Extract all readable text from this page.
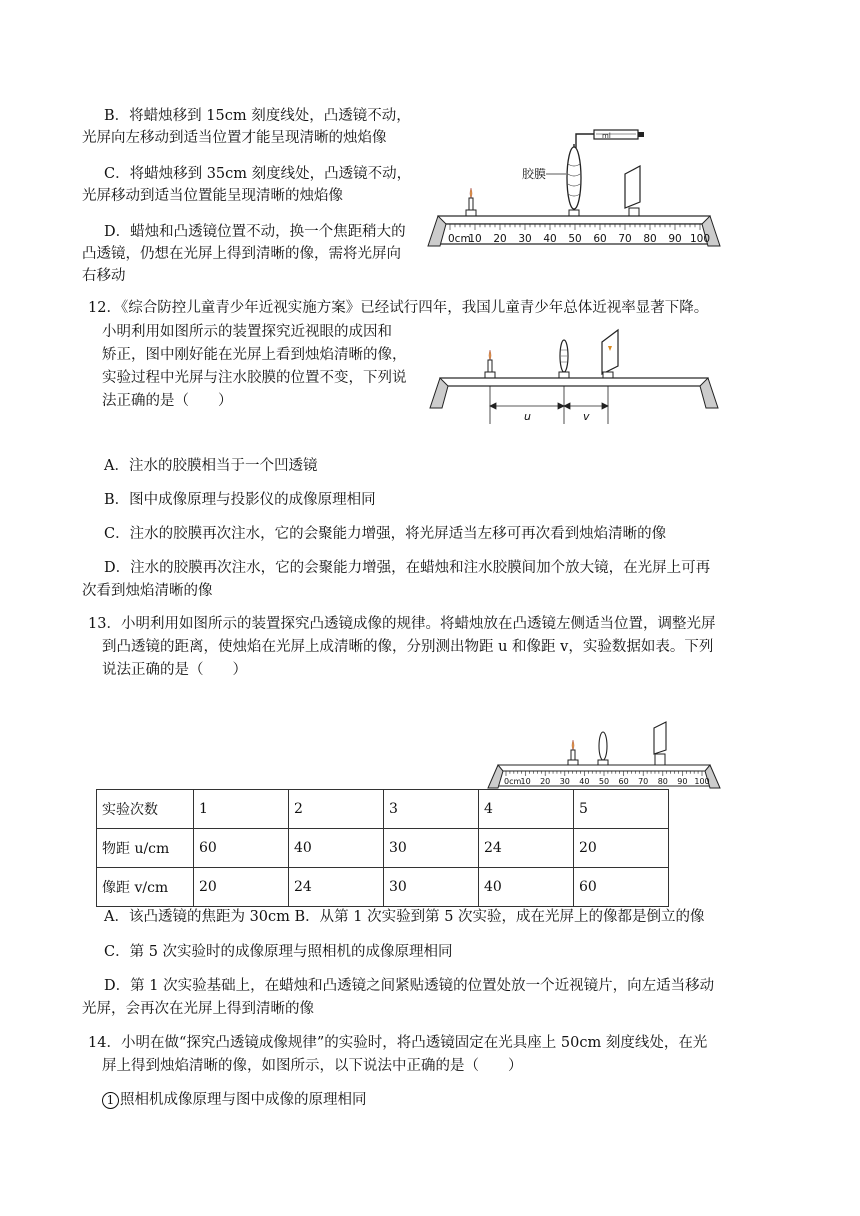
B．将蜡烛移到 15cm 刻度线处，凸透镜不动，
光屏向左移动到适当位置才能呈现清晰的烛焰像
C．将蜡烛移到 35cm 刻度线处，凸透镜不动，
光屏移动到适当位置能呈现清晰的烛焰像
D．蜡烛和凸透镜位置不动，换一个焦距稍大的
凸透镜，仍想在光屏上得到清晰的像，需将光屏向
右移动
ml
胶膜
0cm
10 20 30 40 50 60 70 80 90 100
12．《综合防控儿童青少年近视实施方案》已经试行四年，我国儿童青少年总体近视率显著下降。
小明利用如图所示的装置探究近视眼的成因和
矫正，图中刚好能在光屏上看到烛焰清晰的像，
实验过程中光屏与注水胶膜的位置不变，下列说
法正确的是（　　）
u	v
A．注水的胶膜相当于一个凹透镜
B．图中成像原理与投影仪的成像原理相同
C．注水的胶膜再次注水，它的会聚能力增强，将光屏适当左移可再次看到烛焰清晰的像
D．注水的胶膜再次注水，它的会聚能力增强，在蜡烛和注水胶膜间加个放大镜，在光屏上可再
次看到烛焰清晰的像
13．小明利用如图所示的装置探究凸透镜成像的规律。将蜡烛放在凸透镜左侧适当位置，调整光屏
到凸透镜的距离，使烛焰在光屏上成清晰的像，分别测出物距 u 和像距 v，实验数据如表。下列
说法正确的是（　　）
0cm 10 20 30 40 50 60 70 80 90 100
实验次数	1	2	3	4	5
物距 u/cm	60	40	30	24	20
像距 v/cm	20	24	30	40	60
A．该凸透镜的焦距为 30cm B．从第 1 次实验到第 5 次实验，成在光屏上的像都是倒立的像
C．第 5 次实验时的成像原理与照相机的成像原理相同
D．第 1 次实验基础上，在蜡烛和凸透镜之间紧贴透镜的位置处放一个近视镜片，向左适当移动
光屏，会再次在光屏上得到清晰的像
14．小明在做“探究凸透镜成像规律”的实验时，将凸透镜固定在光具座上 50cm 刻度线处，在光
屏上得到烛焰清晰的像，如图所示，以下说法中正确的是（　　）
1 照相机成像原理与图中成像的原理相同
